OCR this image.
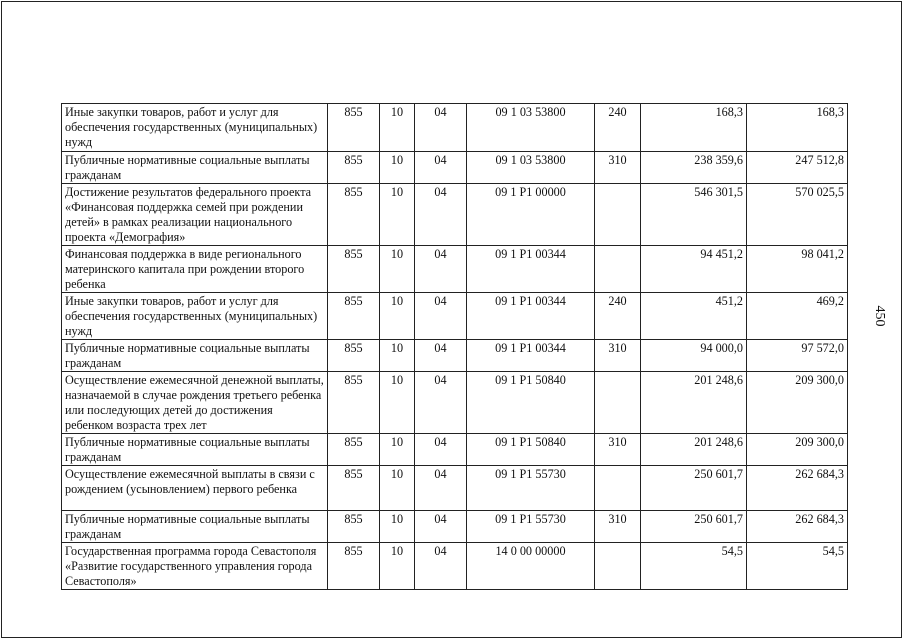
Иные закупки товаров, работ и услуг для обеспечения государственных (муниципальных) нужд	855	10	04	09 1 03 53800	240	168,3	168,3
Публичные нормативные социальные выплаты гражданам	855	10	04	09 1 03 53800	310	238 359,6	247 512,8
Достижение результатов федерального проекта «Финансовая поддержка семей при рождении детей» в рамках реализации национального проекта «Демография»	855	10	04	09 1 P1 00000		546 301,5	570 025,5
Финансовая поддержка в виде регионального материнского капитала при рождении второго ребенка	855	10	04	09 1 P1 00344		94 451,2	98 041,2
Иные закупки товаров, работ и услуг для обеспечения государственных (муниципальных) нужд	855	10	04	09 1 P1 00344	240	451,2	469,2
Публичные нормативные социальные выплаты гражданам	855	10	04	09 1 P1 00344	310	94 000,0	97 572,0
Осуществление ежемесячной денежной выплаты, назначаемой в случае рождения третьего ребенка или последующих детей до достижения ребенком возраста трех лет	855	10	04	09 1 P1 50840		201 248,6	209 300,0
Публичные нормативные социальные выплаты гражданам	855	10	04	09 1 P1 50840	310	201 248,6	209 300,0
Осуществление ежемесячной выплаты в связи с рождением (усыновлением) первого ребенка	855	10	04	09 1 P1 55730		250 601,7	262 684,3
Публичные нормативные социальные выплаты гражданам	855	10	04	09 1 P1 55730	310	250 601,7	262 684,3
Государственная программа города Севастополя «Развитие государственного управления города Севастополя»	855	10	04	14 0 00 00000		54,5	54,5
450
